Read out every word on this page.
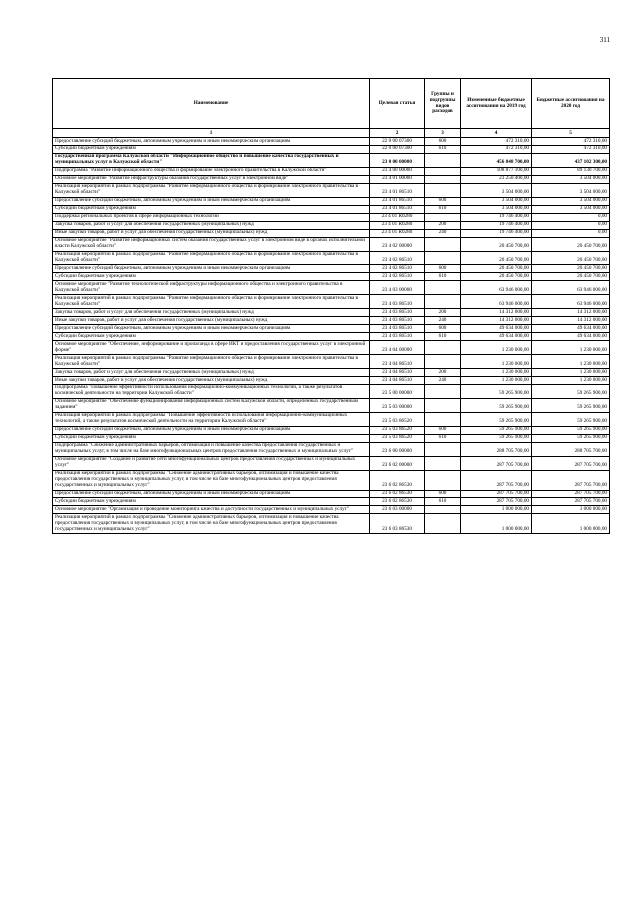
311
Наименование	Целевая статья	Группы и подгруппы видов расходов	Измененные бюджетные ассигнования на 2019 год	Бюджетные ассигнования на 2020 год
1	2	3	4	5
Предоставление субсидий бюджетным, автономным учреждениям и иным некоммерческим организациям	22 0 00 07300	600	472 310,00	472 310,00
Субсидии бюджетным учреждениям	22 0 00 07300	610	472 310,00	472 310,00
Государственная программа Калужской области "Информационное общество и повышение качества государственных и муниципальных услуг в Калужской области"	23 0 00 00000		456 848 700,00	437 102 300,00
Подпрограмма "Развитие информационного общества и формирование электронного правительства в Калужской области"	23 4 00 00000		108 877 100,00	89 130 700,00
Основное мероприятие "Развитие инфраструктуры оказания государственных услуг в электронном виде"	23 4 01 00000		23 250 400,00	3 504 000,00
Реализация мероприятий в рамках подпрограммы "Развитие информационного общества и формирование электронного правительства в Калужской области"	23 4 01 86510		3 504 000,00	3 504 000,00
Предоставление субсидий бюджетным, автономным учреждениям и иным некоммерческим организациям	23 4 01 86510	600	3 504 000,00	3 504 000,00
Субсидии бюджетным учреждениям	23 4 01 86510	610	3 504 000,00	3 504 000,00
Поддержка региональных проектов в сфере информационных технологий	23 4 01 R0280		19 746 400,00	0,00
Закупка товаров, работ и услуг для обеспечения государственных (муниципальных) нужд	23 4 01 R0280	200	19 746 400,00	0,00
Иные закупки товаров, работ и услуг для обеспечения государственных (муниципальных) нужд	23 4 01 R0280	240	19 746 400,00	0,00
Основное мероприятие "Развитие информационных систем оказания государственных услуг в электронном виде в органах исполнительной власти Калужской области"	23 4 02 00000		20 450 700,00	20 450 700,00
Реализация мероприятий в рамках подпрограммы "Развитие информационного общества и формирование электронного правительства в Калужской области"	23 4 02 86510		20 450 700,00	20 450 700,00
Предоставление субсидий бюджетным, автономным учреждениям и иным некоммерческим организациям	23 4 02 86510	600	20 450 700,00	20 450 700,00
Субсидии бюджетным учреждениям	23 4 02 86510	610	20 450 700,00	20 450 700,00
Основное мероприятие "Развитие технологической инфраструктуры информационного общества и электронного правительства в Калужской области"	23 4 03 00000		63 946 000,00	63 946 000,00
Реализация мероприятий в рамках подпрограммы "Развитие информационного общества и формирование электронного правительства в Калужской области"	23 4 03 86510		63 946 000,00	63 946 000,00
Закупка товаров, работ и услуг для обеспечения государственных (муниципальных) нужд	23 4 03 86510	200	14 312 000,00	14 312 000,00
Иные закупки товаров, работ и услуг для обеспечения государственных (муниципальных) нужд	23 4 03 86510	240	14 312 000,00	14 312 000,00
Предоставление субсидий бюджетным, автономным учреждениям и иным некоммерческим организациям	23 4 03 86510	600	49 634 000,00	49 634 000,00
Субсидии бюджетным учреждениям	23 4 03 86510	610	49 634 000,00	49 634 000,00
Основное мероприятие "Обеспечение, информирование и пропаганда в сфере ИКТ и предоставления государственных услуг в электронной форме"	23 4 04 00000		1 230 000,00	1 230 000,00
Реализация мероприятий в рамках подпрограммы "Развитие информационного общества и формирование электронного правительства в Калужской области"	23 4 04 86510		1 230 000,00	1 230 000,00
Закупка товаров, работ и услуг для обеспечения государственных (муниципальных) нужд	23 4 04 86510	200	1 230 000,00	1 230 000,00
Иные закупки товаров, работ и услуг для обеспечения государственных (муниципальных) нужд	23 4 04 86510	240	1 230 000,00	1 230 000,00
Подпрограмма "Повышение эффективности использования информационно-коммуникационных технологий, а также результатов космической деятельности на территории Калужской области"	23 5 00 00000		59 265 900,00	59 265 900,00
Основное мероприятие "Обеспечение функционирования информационных систем Калужской области, определенных государственным заданием"	23 5 03 00000		59 265 900,00	59 265 900,00
Реализация мероприятий в рамках подпрограммы "Повышение эффективности использования информационно-коммуникационных технологий, а также результатов космической деятельности на территории Калужской области"	23 5 03 86520		59 265 900,00	59 265 900,00
Предоставление субсидий бюджетным, автономным учреждениям и иным некоммерческим организациям	23 5 03 86520	600	59 265 900,00	59 265 900,00
Субсидии бюджетным учреждениям	23 5 03 86520	610	59 265 900,00	59 265 900,00
Подпрограмма "Снижение административных барьеров, оптимизация и повышение качества предоставления государственных и муниципальных услуг, в том числе на базе многофункциональных центров предоставления государственных и муниципальных услуг"	23 6 00 00000		288 705 700,00	288 705 700,00
Основное мероприятие "Создание и развитие сети многофункциональных центров предоставления государственных и муниципальных услуг"	23 6 02 00000		287 705 700,00	287 705 700,00
Реализация мероприятий в рамках подпрограммы "Снижение административных барьеров, оптимизация и повышение качества предоставления государственных и муниципальных услуг, в том числе на базе многофункциональных центров предоставления государственных и муниципальных услуг"	23 6 02 86530		287 705 700,00	287 705 700,00
Предоставление субсидий бюджетным, автономным учреждениям и иным некоммерческим организациям	23 6 02 86530	600	287 705 700,00	287 705 700,00
Субсидии бюджетным учреждениям	23 6 02 86530	610	287 705 700,00	287 705 700,00
Основное мероприятие "Организация и проведение мониторинга качества и доступности государственных и муниципальных услуг"	23 6 03 00000		1 000 000,00	1 000 000,00
Реализация мероприятий в рамках подпрограммы "Снижение административных барьеров, оптимизация и повышение качества предоставления государственных и муниципальных услуг, в том числе на базе многофункциональных центров предоставления государственных и муниципальных услуг"	23 6 03 86530		1 000 000,00	1 000 000,00
